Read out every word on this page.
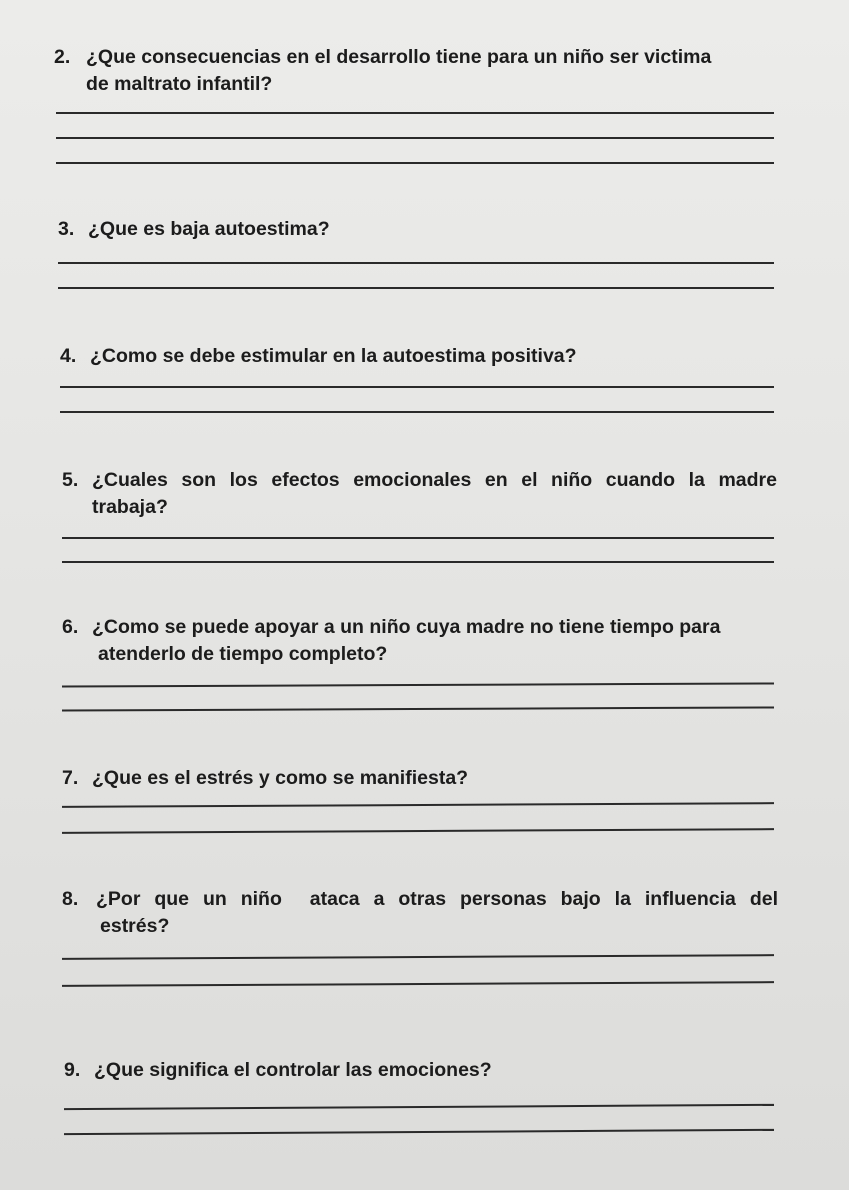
2. ¿Que consecuencias en el desarrollo tiene para un niño ser victima
de maltrato infantil?
3. ¿Que es baja autoestima?
4. ¿Como se debe estimular en la autoestima positiva?
5. ¿Cuales son los efectos emocionales en el niño cuando la madre
trabaja?
6. ¿Como se puede apoyar a un niño cuya madre no tiene tiempo para
atenderlo de tiempo completo?
7. ¿Que es el estrés y como se manifiesta?
8. ¿Por que un niño  ataca a otras personas bajo la influencia del
estrés?
9. ¿Que significa el controlar las emociones?
